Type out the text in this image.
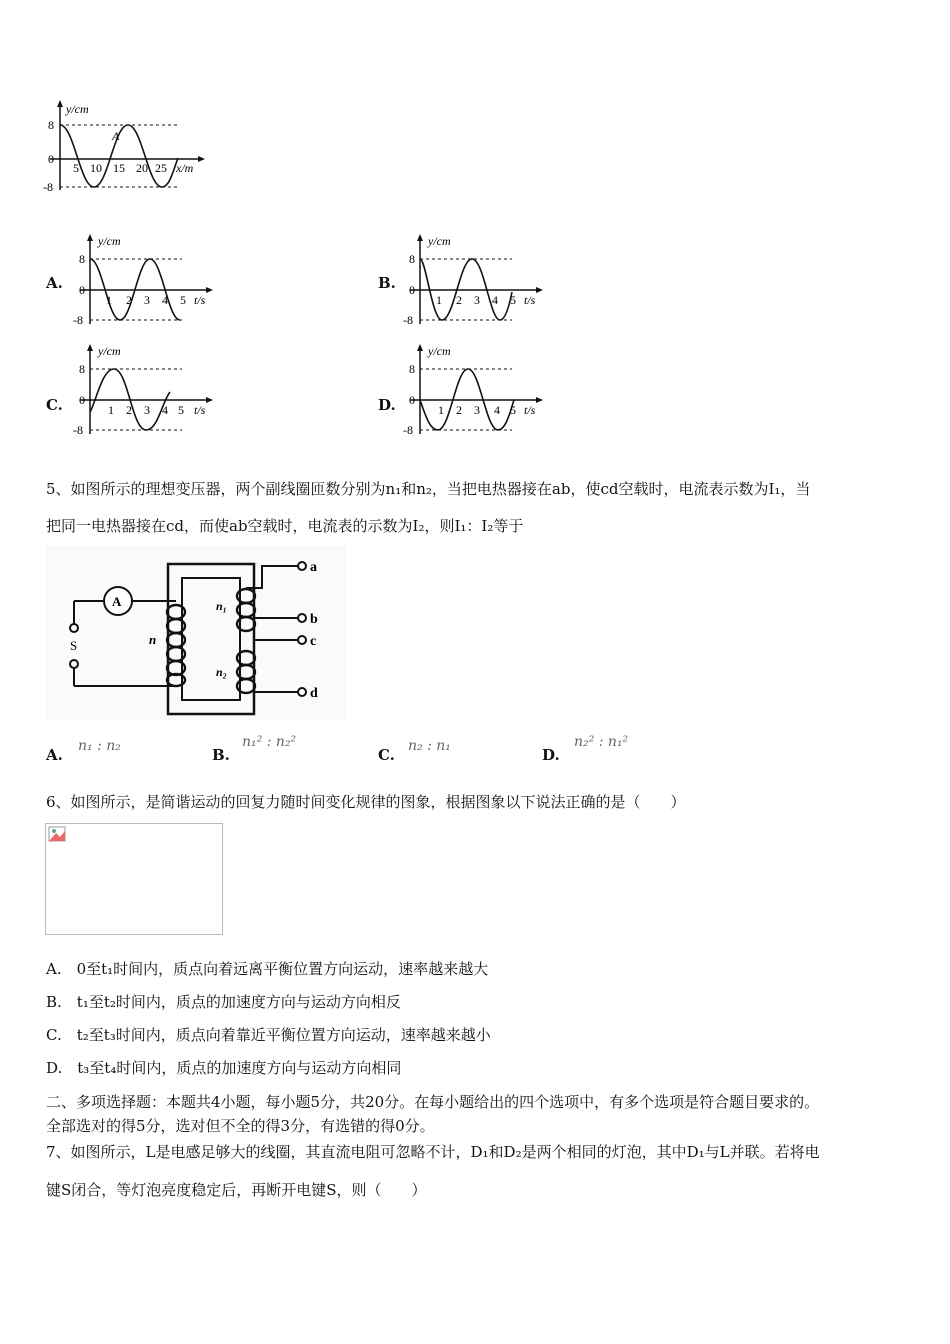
y/cm
8
-8
0
A
5 10 15 20 25 x/m
A.
y/cm
8
-8
0
1 2 3 4 5 t/s
B.
y/cm
8
-8
0
1 2 3 4 5 t/s
C.
y/cm
8
-8
0
1 2 3 4 5 t/s	D.
y/cm
8
-8
0
1 2 3 4 5 t/s
5、如图所示的理想变压器，两个副线圈匝数分别为n₁和n₂，当把电热器接在ab，使cd空载时，电流表示数为I₁，当
把同一电热器接在cd，而使ab空载时，电流表的示数为I₂，则I₁：I₂等于
A
S	n
n₁
n₂
a
b
c
d
A. n₁ : n₂	B.
n₁² : n₂²
C. n₂ : n₁	D.
n₂² : n₁²
6、如图所示，是简谐运动的回复力随时间变化规律的图象，根据图象以下说法正确的是（　　）
A.　0至t₁时间内，质点向着远离平衡位置方向运动，速率越来越大
B.　t₁至t₂时间内，质点的加速度方向与运动方向相反
C.　t₂至t₃时间内，质点向着靠近平衡位置方向运动，速率越来越小
D.　t₃至t₄时间内，质点的加速度方向与运动方向相同
二、多项选择题：本题共4小题，每小题5分，共20分。在每小题给出的四个选项中，有多个选项是符合题目要求的。
全部选对的得5分，选对但不全的得3分，有选错的得0分。
7、如图所示，L是电感足够大的线圈，其直流电阻可忽略不计，D₁和D₂是两个相同的灯泡，其中D₁与L并联。若将电
键S闭合，等灯泡亮度稳定后，再断开电键S，则（　　）
